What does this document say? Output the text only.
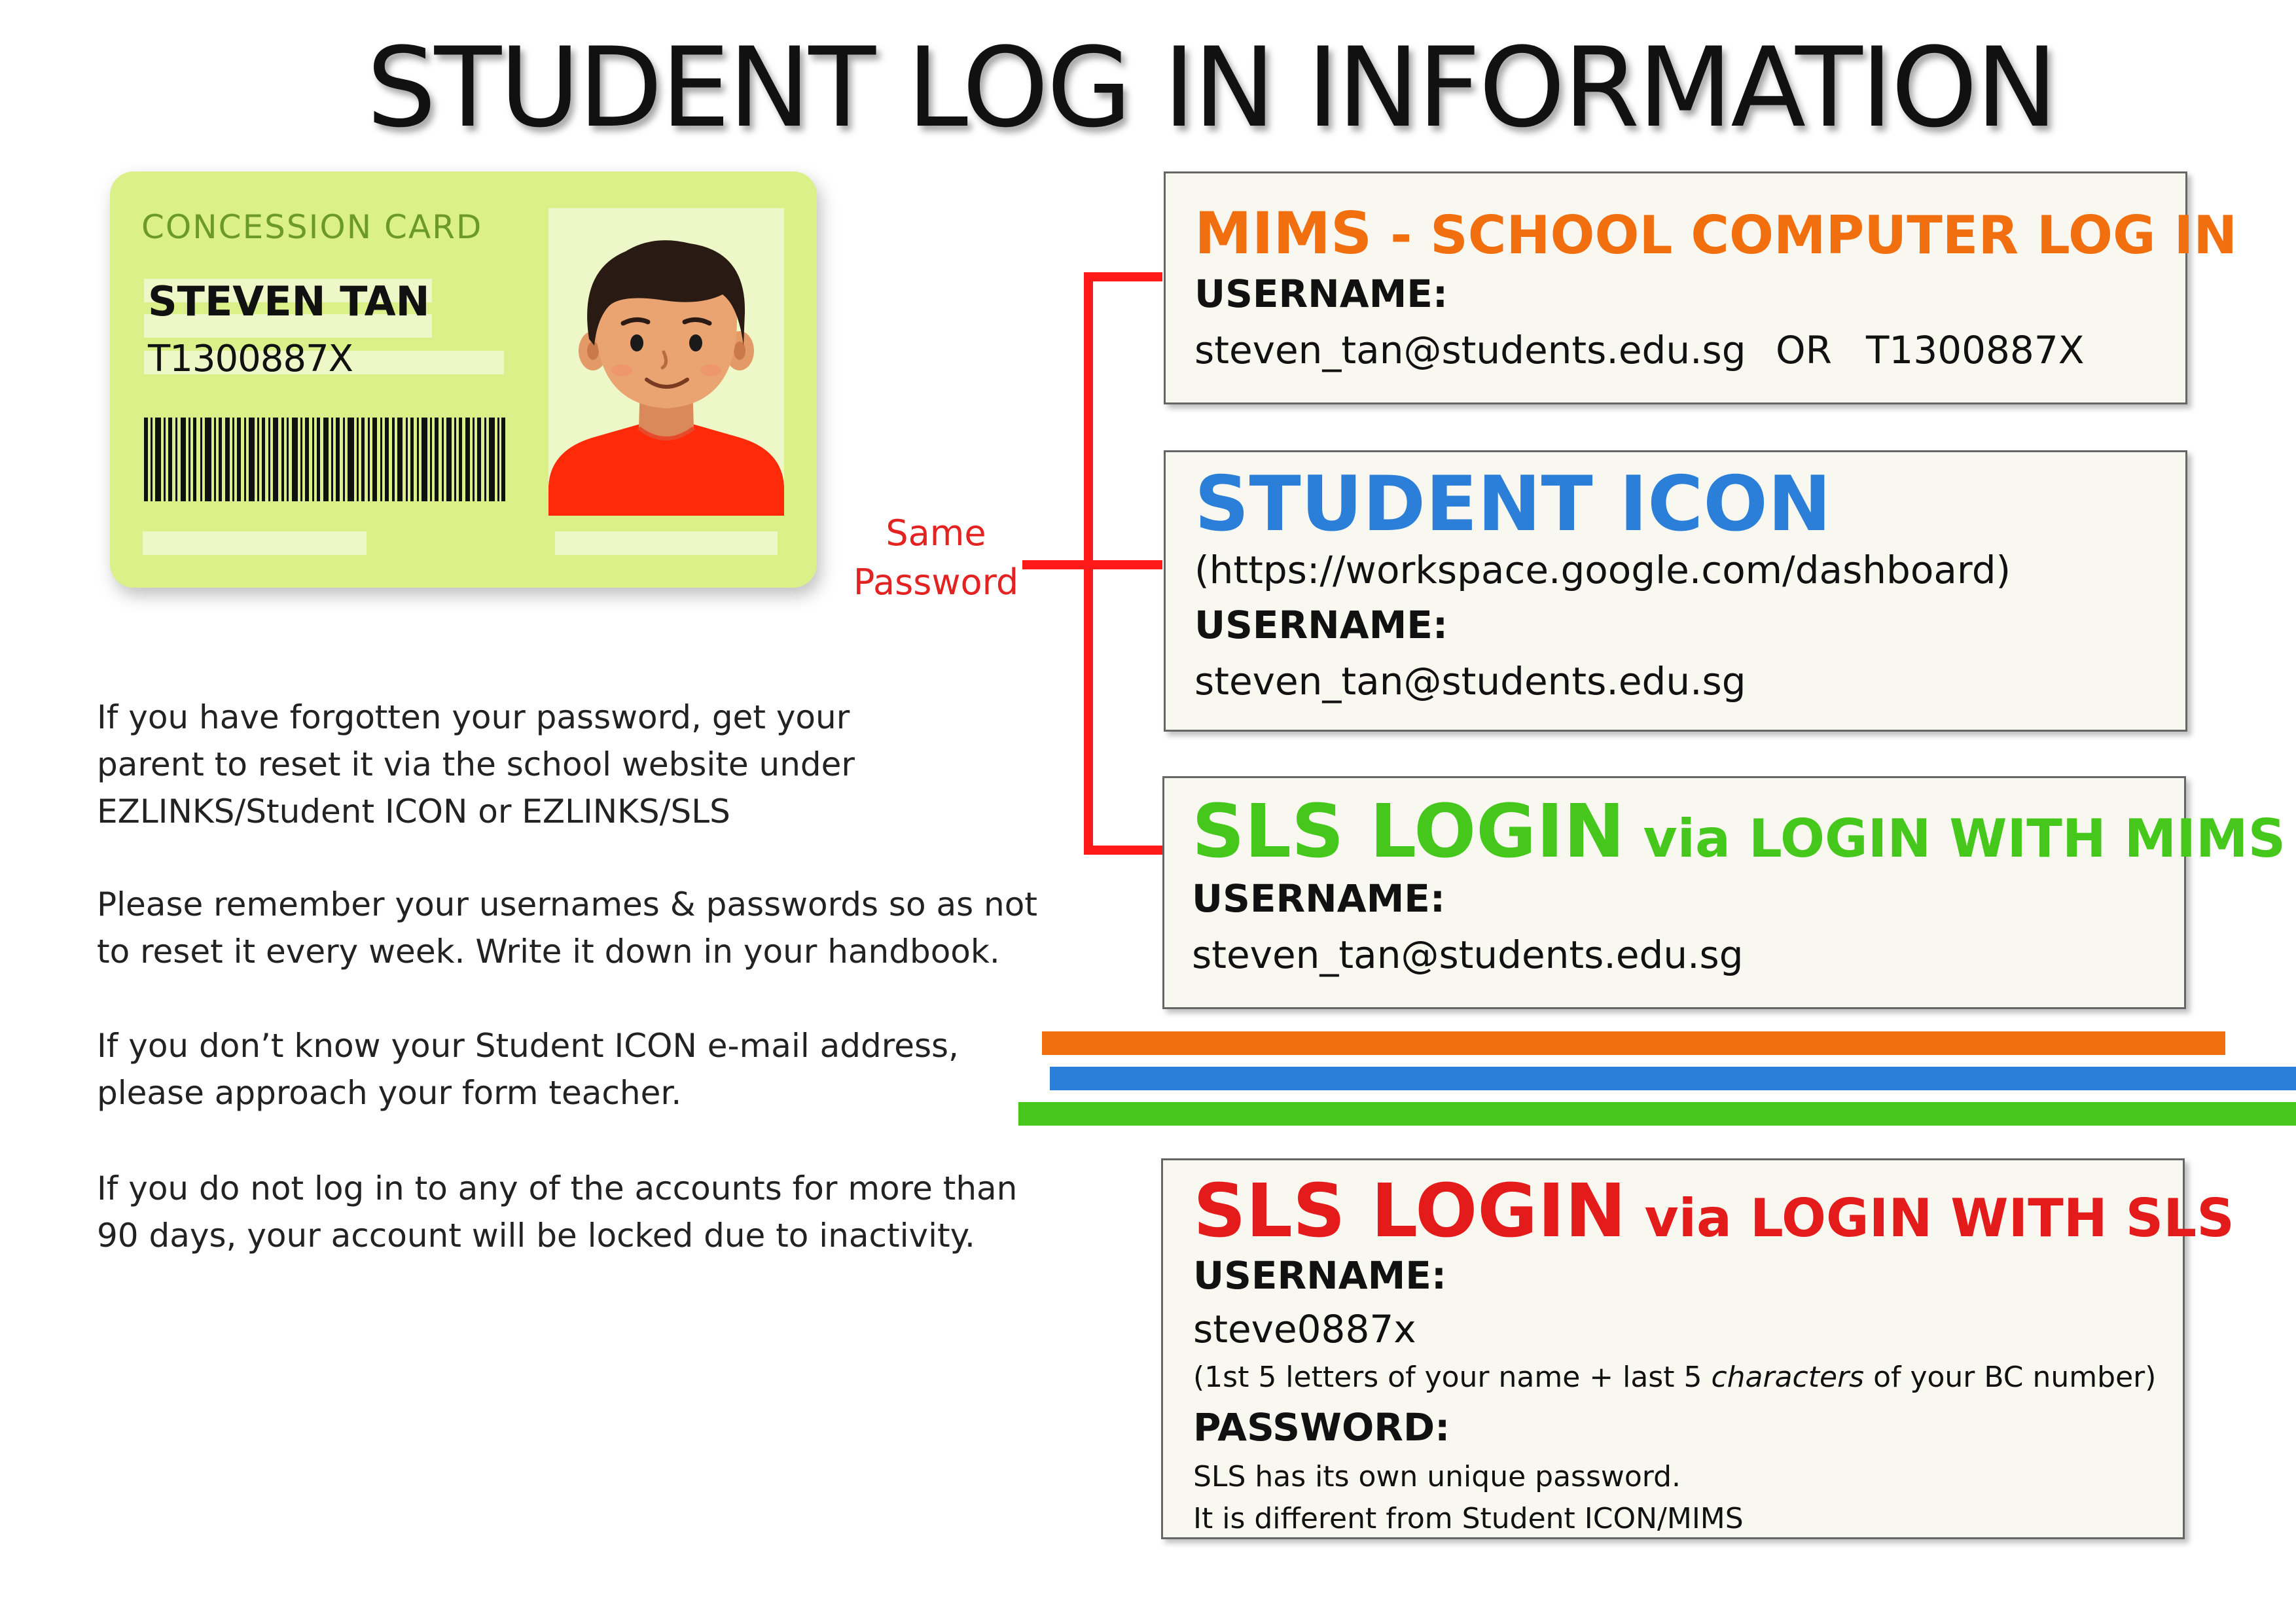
STUDENT LOG IN INFORMATION
CONCESSION CARD
STEVEN TAN
T1300887X
Same
Password
MIMS - SCHOOL COMPUTER LOG IN
USERNAME:
steven_tan@students.edu.sg OR T1300887X
STUDENT ICON
(https://workspace.google.com/dashboard)
USERNAME:
steven_tan@students.edu.sg
SLS LOGIN via LOGIN WITH MIMS
USERNAME:
steven_tan@students.edu.sg
SLS LOGIN via LOGIN WITH SLS
USERNAME:
steve0887x
(1st 5 letters of your name + last 5 characters of your BC number)
PASSWORD:
SLS has its own unique password.
It is different from Student ICON/MIMS
If you have forgotten your password, get your
parent to reset it via the school website under
EZLINKS/Student ICON or EZLINKS/SLS
Please remember your usernames & passwords so as not
to reset it every week. Write it down in your handbook.
If you don’t know your Student ICON e-mail address,
please approach your form teacher.
If you do not log in to any of the accounts for more than
90 days, your account will be locked due to inactivity.
